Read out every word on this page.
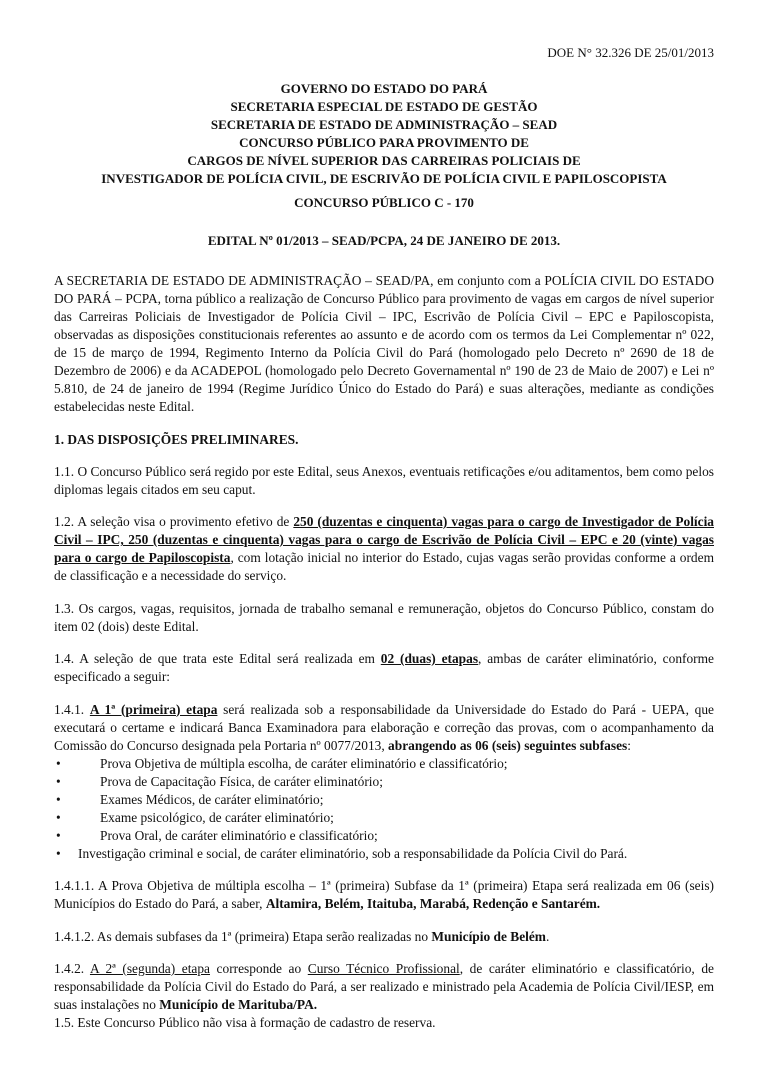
DOE N° 32.326 DE 25/01/2013
GOVERNO DO ESTADO DO PARÁ
SECRETARIA ESPECIAL DE ESTADO DE GESTÃO
SECRETARIA DE ESTADO DE ADMINISTRAÇÃO – SEAD
CONCURSO PÚBLICO PARA PROVIMENTO DE
CARGOS DE NÍVEL SUPERIOR DAS CARREIRAS POLICIAIS DE
INVESTIGADOR DE POLÍCIA CIVIL, DE ESCRIVÃO DE POLÍCIA CIVIL E PAPILOSCOPISTA
CONCURSO PÚBLICO C - 170
EDITAL Nº 01/2013 – SEAD/PCPA, 24 DE JANEIRO DE 2013.

A SECRETARIA DE ESTADO DE ADMINISTRAÇÃO – SEAD/PA, em conjunto com a POLÍCIA CIVIL DO ESTADO DO PARÁ – PCPA, torna público a realização de Concurso Público para provimento de vagas em cargos de nível superior das Carreiras Policiais de Investigador de Polícia Civil – IPC, Escrivão de Polícia Civil – EPC e Papiloscopista, observadas as disposições constitucionais referentes ao assunto e de acordo com os termos da Lei Complementar nº 022, de 15 de março de 1994, Regimento Interno da Polícia Civil do Pará (homologado pelo Decreto nº 2690 de 18 de Dezembro de 2006) e da ACADEPOL (homologado pelo Decreto Governamental nº 190 de 23 de Maio de 2007) e Lei nº 5.810, de 24 de janeiro de 1994 (Regime Jurídico Único do Estado do Pará) e suas alterações, mediante as condições estabelecidas neste Edital.

1. DAS DISPOSIÇÕES PRELIMINARES.

1.1. O Concurso Público será regido por este Edital, seus Anexos, eventuais retificações e/ou aditamentos, bem como pelos diplomas legais citados em seu caput.

1.2. A seleção visa o provimento efetivo de 250 (duzentas e cinquenta) vagas para o cargo de Investigador de Polícia Civil – IPC, 250 (duzentas e cinquenta) vagas para o cargo de Escrivão de Polícia Civil – EPC e 20 (vinte) vagas para o cargo de Papiloscopista, com lotação inicial no interior do Estado, cujas vagas serão providas conforme a ordem de classificação e a necessidade do serviço.

1.3. Os cargos, vagas, requisitos, jornada de trabalho semanal e remuneração, objetos do Concurso Público, constam do item 02 (dois) deste Edital.

1.4. A seleção de que trata este Edital será realizada em 02 (duas) etapas, ambas de caráter eliminatório, conforme especificado a seguir:

1.4.1. A 1ª (primeira) etapa será realizada sob a responsabilidade da Universidade do Estado do Pará - UEPA, que executará o certame e indicará Banca Examinadora para elaboração e correção das provas, com o acompanhamento da Comissão do Concurso designada pela Portaria nº 0077/2013, abrangendo as 06 (seis) seguintes subfases:

• Prova Objetiva de múltipla escolha, de caráter eliminatório e classificatório;
• Prova de Capacitação Física, de caráter eliminatório;
• Exames Médicos, de caráter eliminatório;
• Exame psicológico, de caráter eliminatório;
• Prova Oral, de caráter eliminatório e classificatório;
• Investigação criminal e social, de caráter eliminatório, sob a responsabilidade da Polícia Civil do Pará.

1.4.1.1. A Prova Objetiva de múltipla escolha – 1ª (primeira) Subfase da 1ª (primeira) Etapa será realizada em 06 (seis) Municípios do Estado do Pará, a saber, Altamira, Belém, Itaituba, Marabá, Redenção e Santarém.

1.4.1.2. As demais subfases da 1ª (primeira) Etapa serão realizadas no Município de Belém.

1.4.2. A 2ª (segunda) etapa corresponde ao Curso Técnico Profissional, de caráter eliminatório e classificatório, de responsabilidade da Polícia Civil do Estado do Pará, a ser realizado e ministrado pela Academia de Polícia Civil/IESP, em suas instalações no Município de Marituba/PA.

1.5. Este Concurso Público não visa à formação de cadastro de reserva.
